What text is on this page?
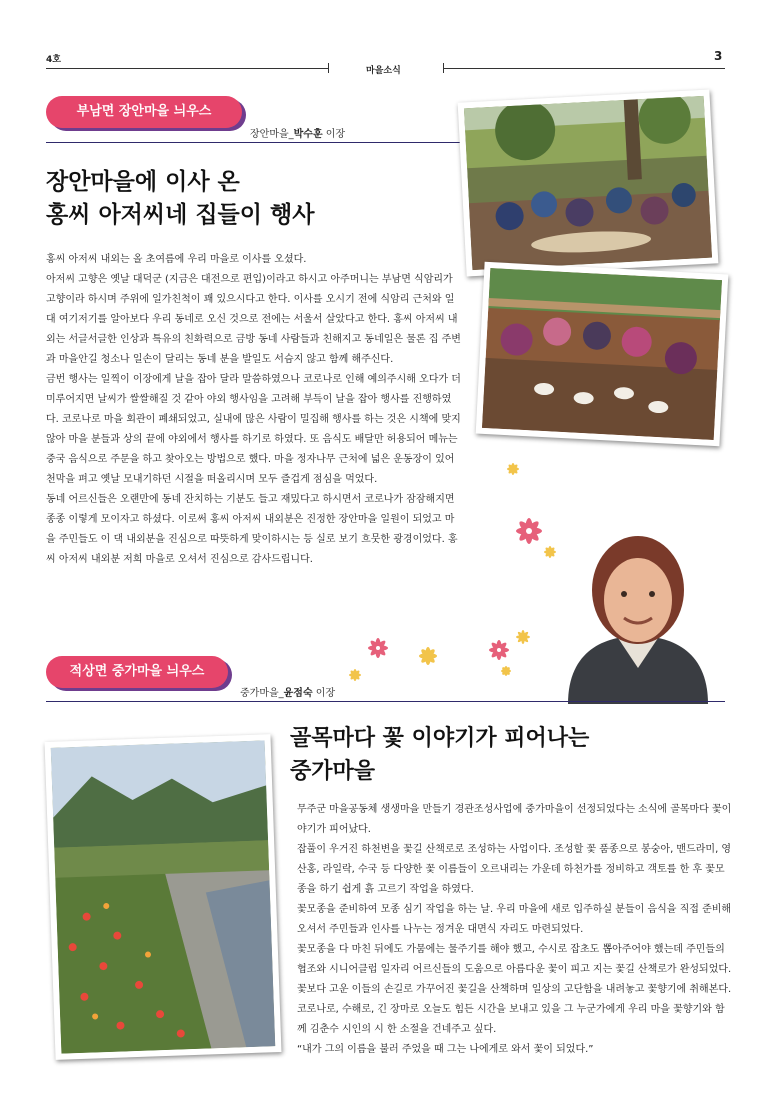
4호
마을소식
3
부남면 장안마을 늬우스
장안마을_박수훈 이장
장안마을에 이사 온
홍씨 아저씨네 집들이 행사

홍씨 아저씨 내외는 올 초여름에 우리 마을로 이사를 오셨다.

아저씨 고향은 옛날 대덕군 (지금은 대전으로 편입)이라고 하시고 아주머니는 부남면 식암리가 고향이라 하시며 주위에 일가친척이 꽤 있으시다고 한다. 이사를 오시기 전에 식암리 근처와 일대 여기저기를 알아보다 우리 동네로 오신 것으로 전에는 서울서 살았다고 한다. 홍씨 아저씨 내외는 서글서글한 인상과 특유의 친화력으로 금방 동네 사람들과 친해지고 동네일은 물론 집 주변과 마을안길 청소나 일손이 달리는 동네 분을 발일도 서슴지 않고 함께 해주신다.

금번 행사는 일찍이 이장에게 날을 잡아 달라 말씀하였으나 코로나로 인해 예의주시해 오다가 더 미루어지면 날씨가 쌀쌀해질 것 같아 야외 행사임을 고려해 부득이 날을 잡아 행사를 진행하였다. 코로나로 마을 회관이 폐쇄되었고, 실내에 많은 사람이 밀집해 행사를 하는 것은 시책에 맞지 않아 마을 분들과 상의 끝에 야외에서 행사를 하기로 하였다. 또 음식도 배달만 허용되어 메뉴는 중국 음식으로 주문을 하고 찾아오는 방법으로 했다. 마을 정자나무 근처에 넓은 운동장이 있어 천막을 펴고 옛날 모내기하던 시절을 떠올리시며 모두 즐겁게 점심을 먹었다.

동네 어르신들은 오랜만에 동네 잔치하는 기분도 들고 재밌다고 하시면서 코로나가 잠잠해지면 종종 이렇게 모이자고 하셨다. 이로써 홍씨 아저씨 내외분은 진정한 장안마을 일원이 되었고 마을 주민들도 이 댁 내외분을 진심으로 따뜻하게 맞이하시는 등 실로 보기 흐뭇한 광경이었다. 홍씨 아저씨 내외분 저희 마을로 오셔서 진심으로 감사드립니다.

적상면 중가마을 늬우스
중가마을_윤점숙 이장
골목마다 꽃 이야기가 피어나는
중가마을

무주군 마을공동체 생생마을 만들기 경관조성사업에 중가마을이 선정되었다는 소식에 골목마다 꽃이야기가 피어났다.

잡풀이 우거진 하천변을 꽃길 산책로로 조성하는 사업이다. 조성할 꽃 품종으로 봉숭아, 맨드라미, 영산홍, 라일락, 수국 등 다양한 꽃 이름들이 오르내리는 가운데 하천가를 정비하고 객토를 한 후 꽃모종을 하기 쉽게 흙 고르기 작업을 하였다.

꽃모종을 준비하여 모종 심기 작업을 하는 날. 우리 마을에 새로 입주하실 분들이 음식을 직접 준비해오셔서 주민들과 인사를 나누는 정겨운 대면식 자리도 마련되었다.

꽃모종을 다 마친 뒤에도 가뭄에는 물주기를 해야 했고, 수시로 잡초도 뽑아주어야 했는데 주민들의 협조와 시니어클럽 일자리 어르신들의 도움으로 아름다운 꽃이 피고 지는 꽃길 산책로가 완성되었다. 꽃보다 고운 이들의 손길로 가꾸어진 꽃길을 산책하며 일상의 고단함을 내려놓고 꽃향기에 취해본다. 코로나로, 수해로, 긴 장마로 오늘도 힘든 시간을 보내고 있을 그 누군가에게 우리 마을 꽃향기와 함께 김춘수 시인의 시 한 소절을 건네주고 싶다.

“내가 그의 이름을 불러 주었을 때 그는 나에게로 와서 꽃이 되었다.”
